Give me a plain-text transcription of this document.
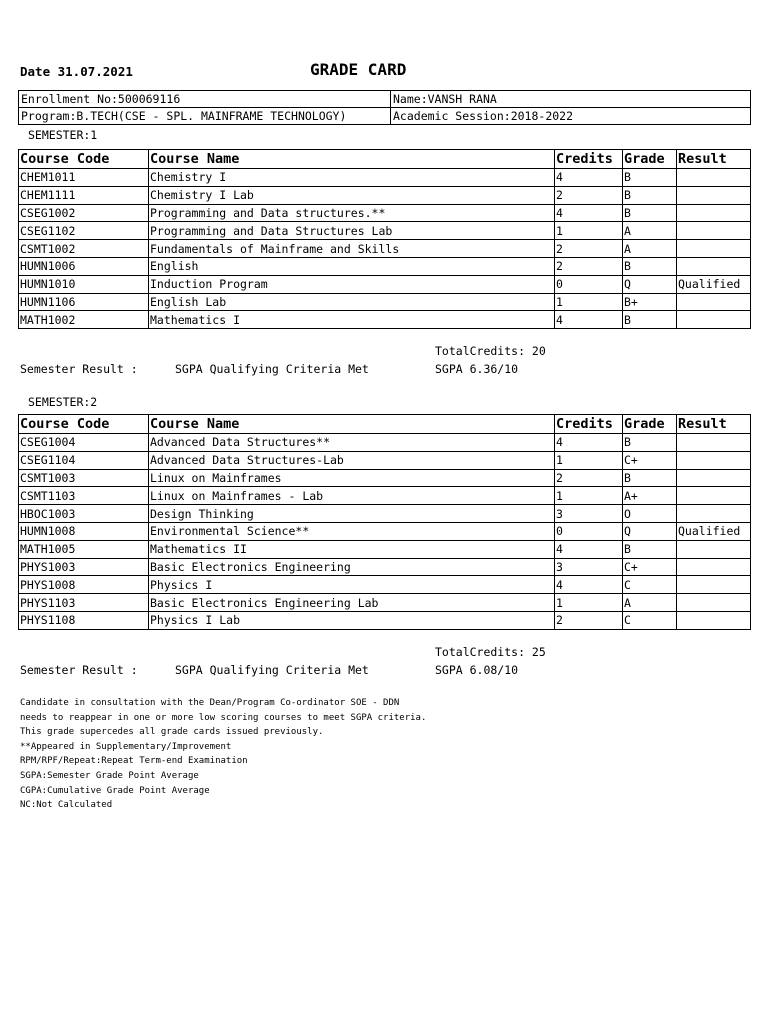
Date 31.07.2021	GRADE CARD
Enrollment No:500069116	Name:VANSH RANA
Program:B.TECH(CSE - SPL. MAINFRAME TECHNOLOGY)	Academic Session:2018-2022
SEMESTER:1
Course Code	Course Name	Credits	Grade	Result
CHEM1011	Chemistry I	4	B	
CHEM1111	Chemistry I Lab	2	B	
CSEG1002	Programming and Data structures.**	4	B	
CSEG1102	Programming and Data Structures Lab	1	A	
CSMT1002	Fundamentals of Mainframe and Skills	2	A	
HUMN1006	English	2	B	
HUMN1010	Induction Program	0	Q	Qualified
HUMN1106	English Lab	1	B+	
MATH1002	Mathematics I	4	B	
TotalCredits: 20
Semester Result :	SGPA Qualifying Criteria Met	SGPA 6.36/10
SEMESTER:2
Course Code	Course Name	Credits	Grade	Result
CSEG1004	Advanced Data Structures**	4	B	
CSEG1104	Advanced Data Structures-Lab	1	C+	
CSMT1003	Linux on Mainframes	2	B	
CSMT1103	Linux on Mainframes - Lab	1	A+	
HBOC1003	Design Thinking	3	O	
HUMN1008	Environmental Science**	0	Q	Qualified
MATH1005	Mathematics II	4	B	
PHYS1003	Basic Electronics Engineering	3	C+	
PHYS1008	Physics I	4	C	
PHYS1103	Basic Electronics Engineering Lab	1	A	
PHYS1108	Physics I Lab	2	C	
TotalCredits: 25
Semester Result :	SGPA Qualifying Criteria Met	SGPA 6.08/10
Candidate in consultation with the Dean/Program Co-ordinator SOE - DDN
needs to reappear in one or more low scoring courses to meet SGPA criteria.
This grade supercedes all grade cards issued previously.
**Appeared in Supplementary/Improvement
RPM/RPF/Repeat:Repeat Term-end Examination
SGPA:Semester Grade Point Average
CGPA:Cumulative Grade Point Average
NC:Not Calculated
